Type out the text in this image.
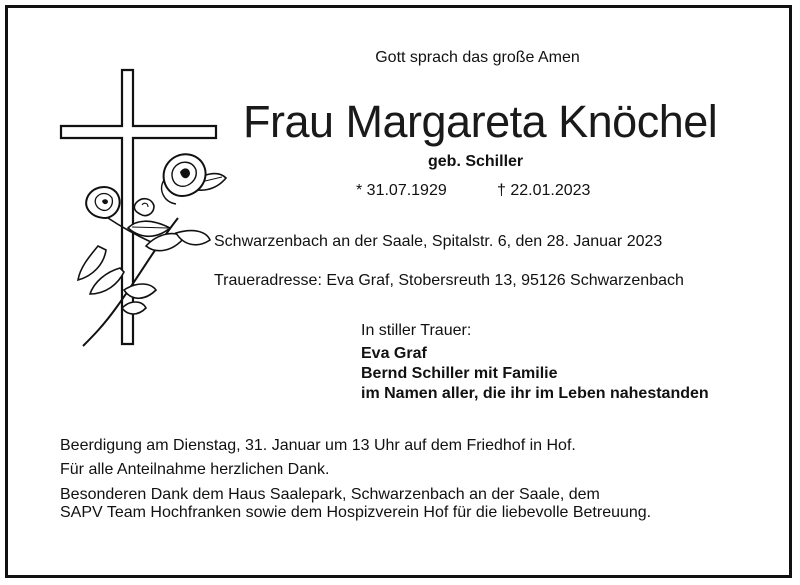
Gott sprach das große Amen
Frau Margareta Knöchel
geb. Schiller
* 31.07.1929	† 22.01.2023
Schwarzenbach an der Saale, Spitalstr. 6, den 28. Januar 2023
Traueradresse: Eva Graf, Stobersreuth 13, 95126 Schwarzenbach
In stiller Trauer:
Eva Graf
Bernd Schiller mit Familie
im Namen aller, die ihr im Leben nahestanden
Beerdigung am Dienstag, 31. Januar um 13 Uhr auf dem Friedhof in Hof.
Für alle Anteilnahme herzlichen Dank.
Besonderen Dank dem Haus Saalepark, Schwarzenbach an der Saale, dem
SAPV Team Hochfranken sowie dem Hospizverein Hof für die liebevolle Betreuung.
